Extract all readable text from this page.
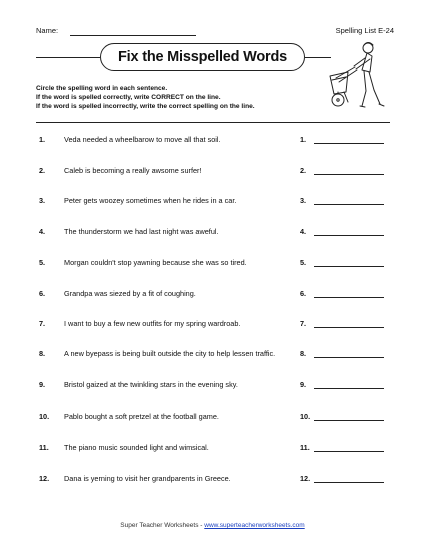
Name:	Spelling List E-24
Fix the Misspelled Words
Circle the spelling word in each sentence.
If the word is spelled correctly, write CORRECT on the line.
If the word is spelled incorrectly, write the correct spelling on the line.
1.	Veda needed a wheelbarow to move all that soil.	1.
2.	Caleb is becoming a really awsome surfer!	2.
3.	Peter gets woozey sometimes when he rides in a car.	3.
4.	The thunderstorm we had last night was aweful.	4.
5.	Morgan couldn't stop yawning because she was so tired.	5.
6.	Grandpa was siezed by a fit of coughing.	6.
7.	I want to buy a few new outfits for my spring wardroab.	7.
8.	A new byepass is being built outside the city to help lessen traffic.	8.
9.	Bristol gaized at the twinkling stars in the evening sky.	9.
10. Pablo bought a soft pretzel at the football game.	10.
11. The piano music sounded light and wimsical.	11.
12. Dana is yerning to visit her grandparents in Greece.	12.
Super Teacher Worksheets - www.superteacherworksheets.com
